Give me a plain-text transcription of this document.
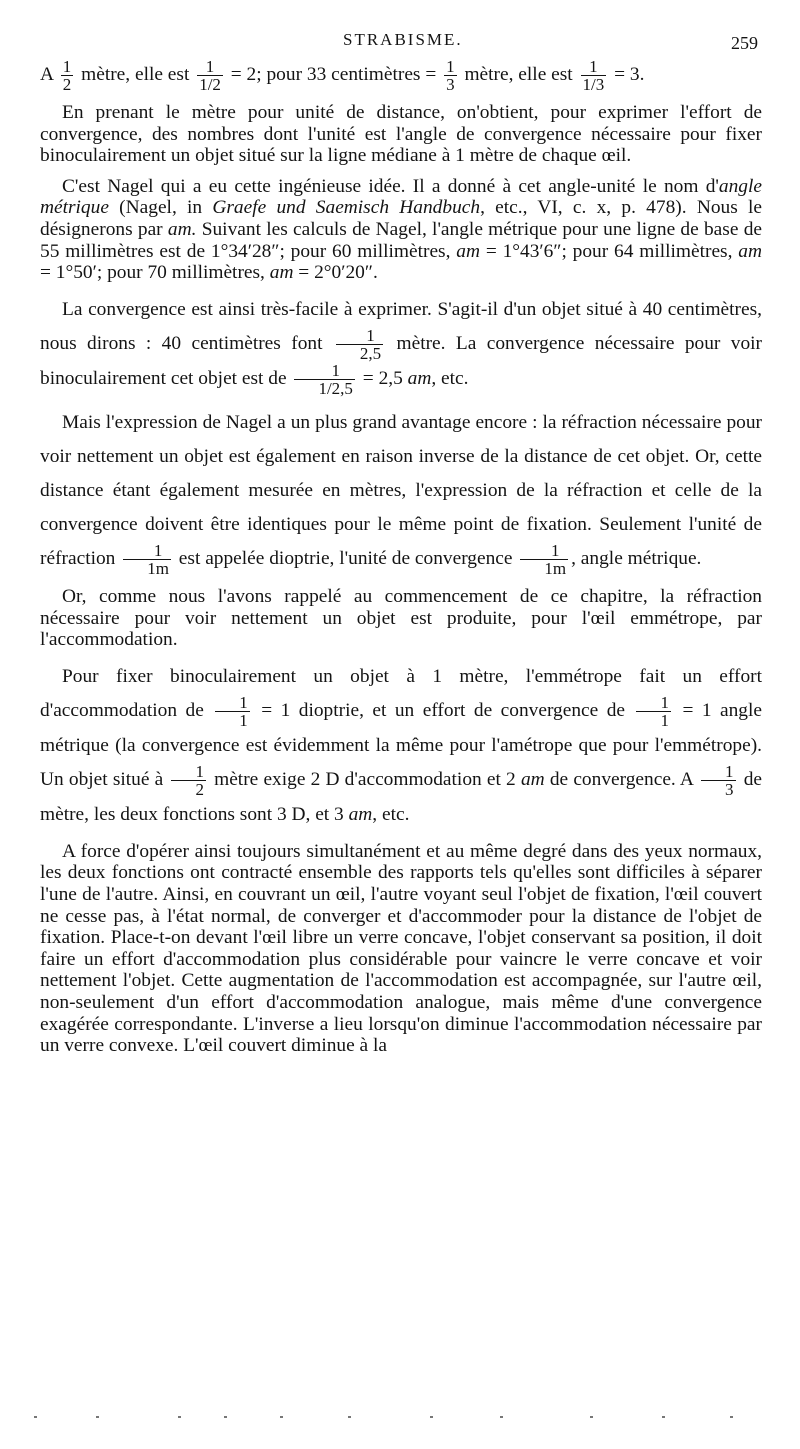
STRABISME.	259

A $\frac{1}{2}$ mètre, elle est $\frac{1}{1/2} = 2$; pour 33 centimètres = $\frac{1}{3}$ mètre, elle est $\frac{1}{1/3} = 3$.

En prenant le mètre pour unité de distance, on'obtient, pour exprimer l'effort de convergence, des nombres dont l'unité est l'angle de convergence nécessaire pour fixer binoculairement un objet situé sur la ligne médiane à 1 mètre de chaque œil.

C'est Nagel qui a eu cette ingénieuse idée. Il a donné à cet angle-unité le nom d'angle métrique (Nagel, in Graefe und Saemisch Handbuch, etc., VI, c. x, p. 478). Nous le désignerons par am. Suivant les calculs de Nagel, l'angle métrique pour une ligne de base de 55 millimètres est de 1°34′28″; pour 60 millimètres, am = 1°43′6″; pour 64 millimètres, am = 1°50′; pour 70 millimètres, am = 2°0′20″.

La convergence est ainsi très-facile à exprimer. S'agit-il d'un objet situé à 40 centimètres, nous dirons : 40 centimètres font $\frac{1}{2,5}$ mètre. La convergence nécessaire pour voir binoculairement cet objet est de $\frac{1}{1/2,5} = 2,5$ am, etc.

Mais l'expression de Nagel a un plus grand avantage encore : la réfraction nécessaire pour voir nettement un objet est également en raison inverse de la distance de cet objet. Or, cette distance étant également mesurée en mètres, l'expression de la réfraction et celle de la convergence doivent être identiques pour le même point de fixation. Seulement l'unité de réfraction $\frac{1}{1m}$ est appelée dioptrie, l'unité de convergence $\frac{1}{1m}$ , angle métrique.

Or, comme nous l'avons rappelé au commencement de ce chapitre, la réfraction nécessaire pour voir nettement un objet est produite, pour l'œil emmétrope, par l'accommodation.

Pour fixer binoculairement un objet à 1 mètre, l'emmétrope fait un effort d'accommodation de $\frac{1}{1} = 1$ dioptrie, et un effort de convergence de $\frac{1}{1} = 1$ angle métrique (la convergence est évidemment la même pour l'amétrope que pour l'emmétrope). Un objet situé à $\frac{1}{2}$ mètre exige 2 D d'accommodation et 2 am de convergence. A $\frac{1}{3}$ de mètre, les deux fonctions sont 3 D, et 3 am, etc.

A force d'opérer ainsi toujours simultanément et au même degré dans des yeux normaux, les deux fonctions ont contracté ensemble des rapports tels qu'elles sont difficiles à séparer l'une de l'autre. Ainsi, en couvrant un œil, l'autre voyant seul l'objet de fixation, l'œil couvert ne cesse pas, à l'état normal, de converger et d'accommoder pour la distance de l'objet de fixation. Place-t-on devant l'œil libre un verre concave, l'objet conservant sa position, il doit faire un effort d'accommodation plus considérable pour vaincre le verre concave et voir nettement l'objet. Cette augmentation de l'accommodation est accompagnée, sur l'autre œil, non-seulement d'un effort d'accommodation analogue, mais même d'une convergence exagérée correspondante. L'inverse a lieu lorsqu'on diminue l'accommodation nécessaire par un verre convexe. L'œil couvert diminue à la
